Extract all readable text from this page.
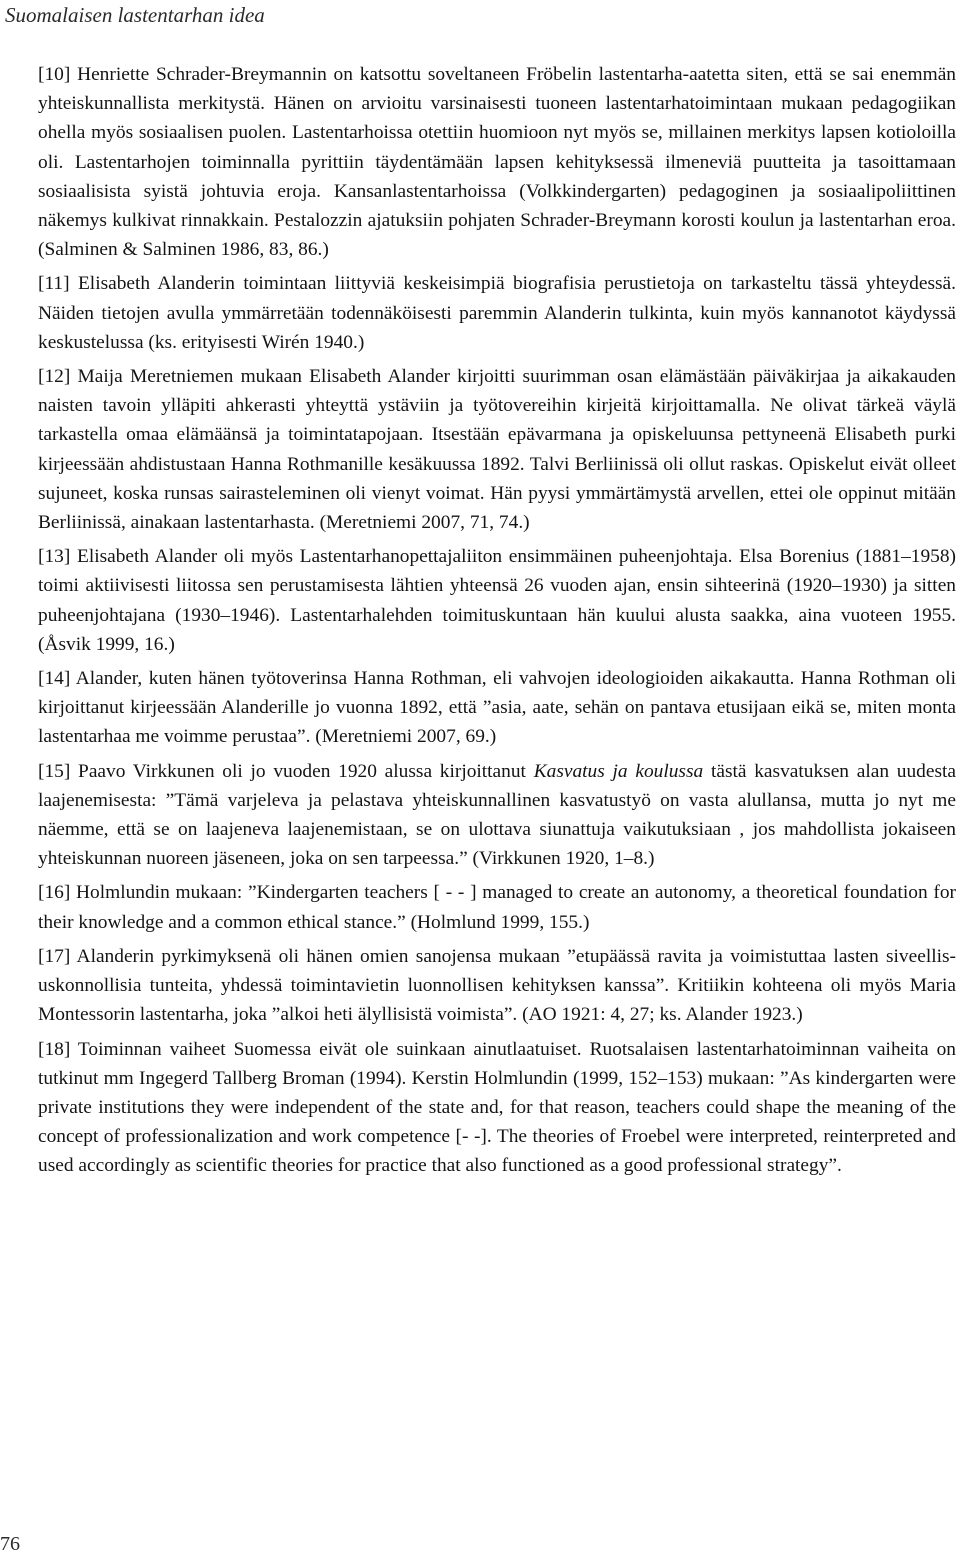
Suomalaisen lastentarhan idea

[10] Henriette Schrader-Breymannin on katsottu soveltaneen Fröbelin lastentarha-aatetta siten, että se sai enemmän yhteiskunnallista merkitystä. Hänen on arvioitu varsinaisesti tuoneen lastentarhatoimintaan mukaan pedagogiikan ohella myös sosiaalisen puolen. Lastentarhoissa otettiin huomioon nyt myös se, millainen merkitys lapsen kotioloilla oli. Lastentarhojen toiminnalla pyrittiin täydentämään lapsen kehityksessä ilmeneviä puutteita ja tasoittamaan sosiaalisista syistä johtuvia eroja. Kansanlastentarhoissa (Volkkindergarten) pedagoginen ja sosiaalipoliittinen näkemys kulkivat rinnakkain. Pestalozzin ajatuksiin pohjaten Schrader-Breymann korosti koulun ja lastentarhan eroa. (Salminen & Salminen 1986, 83, 86.)

[11] Elisabeth Alanderin toimintaan liittyviä keskeisimpiä biografisia perustietoja on tarkasteltu tässä yhteydessä. Näiden tietojen avulla ymmärretään todennäköisesti paremmin Alanderin tulkinta, kuin myös kannanotot käydyssä keskustelussa (ks. erityisesti Wirén 1940.)

[12] Maija Meretniemen mukaan Elisabeth Alander kirjoitti suurimman osan elämästään päiväkirjaa ja aikakauden naisten tavoin ylläpiti ahkerasti yhteyttä ystäviin ja työtovereihin kirjeitä kirjoittamalla. Ne olivat tärkeä väylä tarkastella omaa elämäänsä ja toimintatapojaan. Itsestään epävarmana ja opiskeluunsa pettyneenä Elisabeth purki kirjeessään ahdistustaan Hanna Rothmanille kesäkuussa 1892. Talvi Berliinissä oli ollut raskas. Opiskelut eivät olleet sujuneet, koska runsas sairasteleminen oli vienyt voimat. Hän pyysi ymmärtämystä arvellen, ettei ole oppinut mitään Berliinissä, ainakaan lastentarhasta. (Meretniemi 2007, 71, 74.)

[13] Elisabeth Alander oli myös Lastentarhanopettajaliiton ensimmäinen puheenjohtaja. Elsa Borenius (1881–1958) toimi aktiivisesti liitossa sen perustamisesta lähtien yhteensä 26 vuoden ajan, ensin sihteerinä (1920–1930) ja sitten puheenjohtajana (1930–1946). Lastentarhalehden toimituskuntaan hän kuului alusta saakka, aina vuoteen 1955. (Åsvik 1999, 16.)

[14] Alander, kuten hänen työtoverinsa Hanna Rothman, eli vahvojen ideologioiden aikakautta. Hanna Rothman oli kirjoittanut kirjeessään Alanderille jo vuonna 1892, että ”asia, aate, sehän on pantava etusijaan eikä se, miten monta lastentarhaa me voimme perustaa”. (Meretniemi 2007, 69.)

[15] Paavo Virkkunen oli jo vuoden 1920 alussa kirjoittanut Kasvatus ja koulussa tästä kasvatuksen alan uudesta laajenemisesta: ”Tämä varjeleva ja pelastava yhteiskunnallinen kasvatustyö on vasta alullansa, mutta jo nyt me näemme, että se on laajeneva laajenemistaan, se on ulottava siunattuja vaikutuksiaan , jos mahdollista jokaiseen yhteiskunnan nuoreen jäseneen, joka on sen tarpeessa.” (Virkkunen 1920, 1–8.)

[16] Holmlundin mukaan: ”Kindergarten teachers [ - - ] managed to create an autonomy, a theoretical foundation for their knowledge and a common ethical stance.” (Holmlund 1999, 155.)

[17] Alanderin pyrkimyksenä oli hänen omien sanojensa mukaan ”etupäässä ravita ja voimistuttaa lasten siveellis-uskonnollisia tunteita, yhdessä toimintavietin luonnollisen kehityksen kanssa”. Kritiikin kohteena oli myös Maria Montessorin lastentarha, joka ”alkoi heti älyllisistä voimista”. (AO 1921: 4, 27; ks. Alander 1923.)

[18] Toiminnan vaiheet Suomessa eivät ole suinkaan ainutlaatuiset. Ruotsalaisen lastentarhatoiminnan vaiheita on tutkinut mm Ingegerd Tallberg Broman (1994). Kerstin Holmlundin (1999, 152–153) mukaan: ”As kindergarten were private institutions they were independent of the state and, for that reason, teachers could shape the meaning of the concept of professionalization and work competence [- -]. The theories of Froebel were interpreted, reinterpreted and used accordingly as scientific theories for practice that also functioned as a good professional strategy”.

76
